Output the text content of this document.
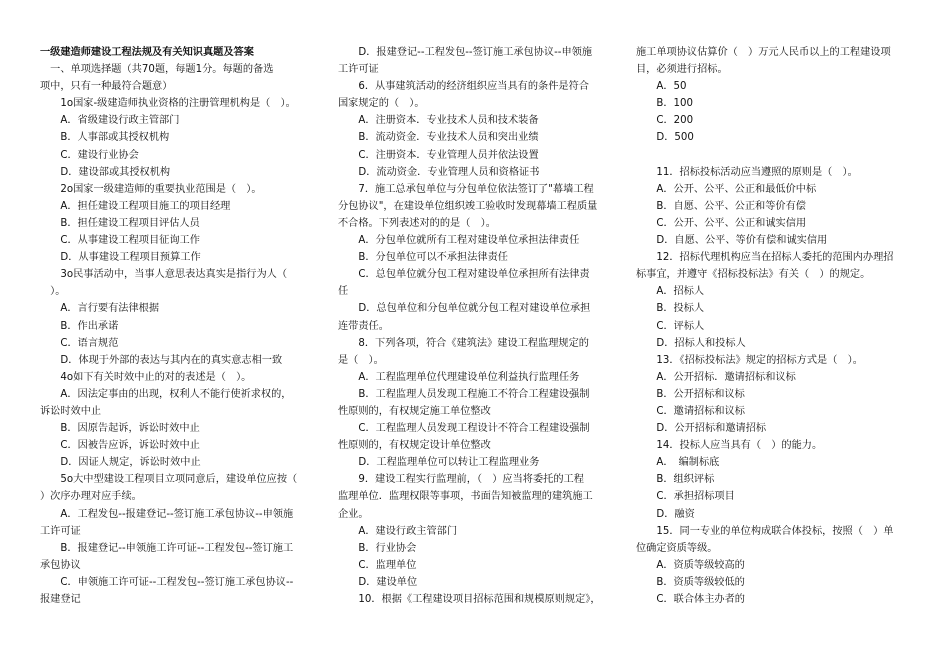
一级建造师建设工程法规及有关知识真题及答案
　一、单项选择题（共70题，每题1分。每题的备选
项中，只有一种最符合题意）
　　1o国家-级建造师执业资格的注册管理机构是（　）。
　　A．省级建设行政主管部门
　　B．人事部或其授权机构
　　C．建设行业协会
　　D．建设部或其授权机构
　　2o国家一级建造师的重要执业范围是（　）。
　　A．担任建设工程项目施工的项目经理
　　B．担任建设工程项目评估人员
　　C．从事建设工程项目征询工作
　　D．从事建设工程项目预算工作
　　3o民事活动中，当事人意思表达真实是指行为人（
　）。
　　A．言行要有法律根据
　　B．作出承诺
　　C．语言规范
　　D．体现于外部的表达与其内在的真实意志相一致
　　4o如下有关时效中止的对的表述是（　）。
　　A．因法定事由的出现，权利人不能行使祈求权的，
诉讼时效中止
　　B．因原告起诉，诉讼时效中止
　　C．因被告应诉，诉讼时效中止
　　D．因证人规定，诉讼时效中止
　　5o大中型建设工程项目立项同意后，建设单位应按（
）次序办理对应手续。
　　A．工程发包--报建登记--签订施工承包协议--申领施
工许可证
　　B．报建登记--申领施工许可证--工程发包--签订施工
承包协议
　　C．申领施工许可证--工程发包--签订施工承包协议--
报建登记
　　D．报建登记--工程发包--签订施工承包协议--申领施
工许可证
　　6．从事建筑活动的经济组织应当具有的条件是符合
国家规定的（　）。
　　A．注册资本．专业技术人员和技术装备
　　B．流动资金．专业技术人员和突出业绩
　　C．注册资本．专业管理人员并依法设置
　　D．流动资金．专业管理人员和资格证书
　　7．施工总承包单位与分包单位依法签订了"幕墙工程
分包协议"，在建设单位组织竣工验收时发现幕墙工程质量
不合格。下列表述对的的是（　）。
　　A．分包单位就所有工程对建设单位承担法律责任
　　B．分包单位可以不承担法律责任
　　C．总包单位就分包工程对建设单位承担所有法律责
任
　　D．总包单位和分包单位就分包工程对建设单位承担
连带责任。
　　8．下列各项，符合《建筑法》建设工程监理规定的
是（　）。
　　A．工程监理单位代理建设单位利益执行监理任务
　　B．工程监理人员发现工程施工不符合工程建设强制
性原则的，有权规定施工单位整改
　　C．工程监理人员发现工程设计不符合工程建设强制
性原则的，有权规定设计单位整改
　　D．工程监理单位可以转让工程监理业务
　　9．建设工程实行监理前，（　）应当将委托的工程
监理单位．监理权限等事项，书面告知被监理的建筑施工
企业。
　　A．建设行政主管部门
　　B．行业协会
　　C．监理单位
　　D．建设单位
　　10．根据《工程建设项目招标范围和规模原则规定》，
施工单项协议估算价（　）万元人民币以上的工程建设项
目，必须进行招标。
　　A．50
　　B．100
　　C．200
　　D．500
　　11．招标投标活动应当遵照的原则是（　）。
　　A．公开、公平、公正和最低价中标
　　B．自愿、公平、公正和等价有偿
　　C．公开、公平、公正和诚实信用
　　D．自愿、公平、等价有偿和诚实信用
　　12．招标代理机构应当在招标人委托的范围内办理招
标事宜，并遵守《招标投标法》有关（　）的规定。
　　A．招标人
　　B．投标人
　　C．评标人
　　D．招标人和投标人
　　13．《招标投标法》规定的招标方式是（　）。
　　A．公开招标．邀请招标和议标
　　B．公开招标和议标
　　C．邀请招标和议标
　　D．公开招标和邀请招标
　　14．投标人应当具有（　）的能力。
　　A．　编制标底
　　B．组织评标
　　C．承担招标项目
　　D．融资
　　15．同一专业的单位构成联合体投标，按照（　）单
位确定资质等级。
　　A．资质等级较高的
　　B．资质等级较低的
　　C．联合体主办者的
